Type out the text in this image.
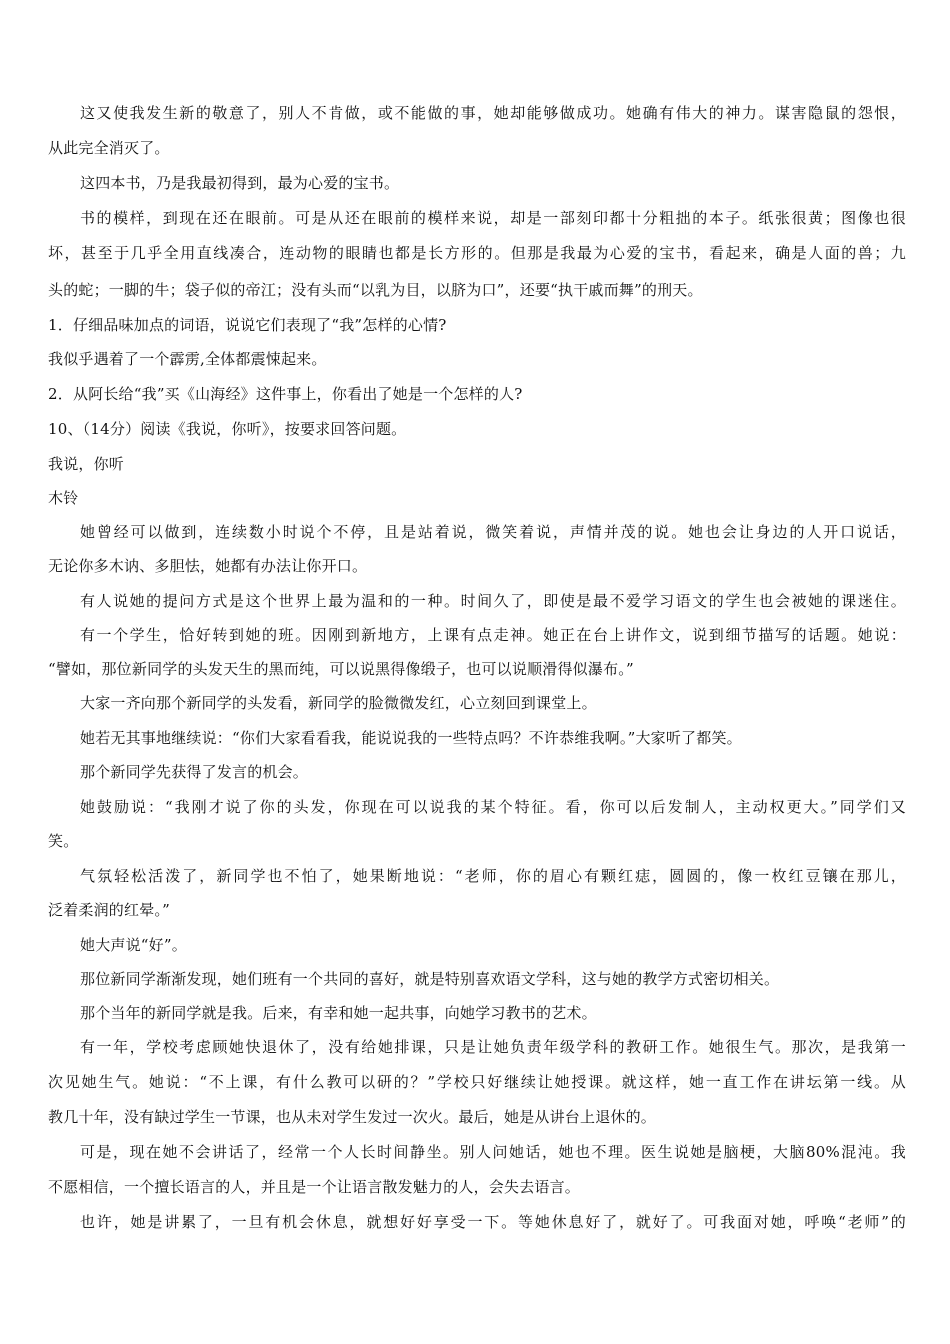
这又使我发生新的敬意了，别人不肯做，或不能做的事，她却能够做成功。她确有伟大的神力。谋害隐鼠的怨恨，
从此完全消灭了。
这四本书，乃是我最初得到，最为心爱的宝书。
书的模样，到现在还在眼前。可是从还在眼前的模样来说，却是一部刻印都十分粗拙的本子。纸张很黄；图像也很
坏，甚至于几乎全用直线凑合，连动物的眼睛也都是长方形的。但那是我最为心爱的宝书，看起来，确是人面的兽；九
头的蛇；一脚的牛；袋子似的帝江；没有头而“以乳为目，以脐为口”，还要“执干戚而舞”的刑天。
1．仔细品味加点的词语，说说它们表现了“我”怎样的心情?
我似乎遇着了一个霹雳,全体都震悚起来。
2．从阿长给“我”买《山海经》这件事上，你看出了她是一个怎样的人?
10、（14分）阅读《我说，你听》，按要求回答问题。
我说，你听
木铃
她曾经可以做到，连续数小时说个不停，且是站着说，微笑着说，声情并茂的说。她也会让身边的人开口说话，
无论你多木讷、多胆怯，她都有办法让你开口。
有人说她的提问方式是这个世界上最为温和的一种。时间久了，即使是最不爱学习语文的学生也会被她的课迷住。
有一个学生，恰好转到她的班。因刚到新地方，上课有点走神。她正在台上讲作文，说到细节描写的话题。她说：
“譬如，那位新同学的头发天生的黑而纯，可以说黑得像缎子，也可以说顺滑得似瀑布。”
大家一齐向那个新同学的头发看，新同学的脸微微发红，心立刻回到课堂上。
她若无其事地继续说：“你们大家看看我，能说说我的一些特点吗？不许恭维我啊。”大家听了都笑。
那个新同学先获得了发言的机会。
她鼓励说：“我刚才说了你的头发，你现在可以说我的某个特征。看，你可以后发制人，主动权更大。”同学们又
笑。
气氛轻松活泼了，新同学也不怕了，她果断地说：“老师，你的眉心有颗红痣，圆圆的，像一枚红豆镶在那儿，
泛着柔润的红晕。”
她大声说“好”。
那位新同学渐渐发现，她们班有一个共同的喜好，就是特别喜欢语文学科，这与她的教学方式密切相关。
那个当年的新同学就是我。后来，有幸和她一起共事，向她学习教书的艺术。
有一年，学校考虑顾她快退休了，没有给她排课，只是让她负责年级学科的教研工作。她很生气。那次，是我第一
次见她生气。她说：“不上课，有什么教可以研的？”学校只好继续让她授课。就这样，她一直工作在讲坛第一线。从
教几十年，没有缺过学生一节课，也从未对学生发过一次火。最后，她是从讲台上退休的。
可是，现在她不会讲话了，经常一个人长时间静坐。别人问她话，她也不理。医生说她是脑梗，大脑80%混沌。我
不愿相信，一个擅长语言的人，并且是一个让语言散发魅力的人，会失去语言。
也许，她是讲累了，一旦有机会休息，就想好好享受一下。等她休息好了，就好了。可我面对她，呼唤“老师”的
